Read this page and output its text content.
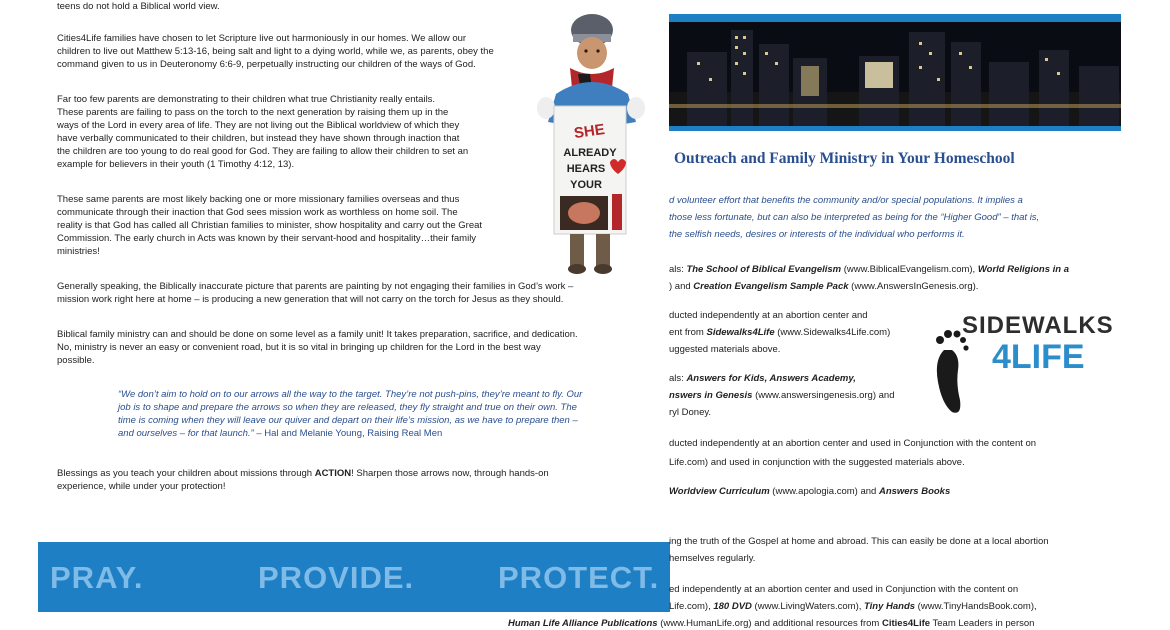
teens do not hold a Biblical world view.
Cities4Life families have chosen to let Scripture live out harmoniously in our homes. We allow our
children to live out Matthew 5:13-16, being salt and light to a dying world, while we, as parents, obey the
command given to us in Deuteronomy 6:6-9, perpetually instructing our children of the ways of God.
Far too few parents are demonstrating to their children what true Christianity really entails.
These parents are failing to pass on the torch to the next generation by raising them up in the
ways of the Lord in every area of life. They are not living out the Biblical worldview of which they
have verbally communicated to their children, but instead they have shown through inaction that
the children are too young to do real good for God. They are failing to allow their children to set an
example for believers in their youth (1 Timothy 4:12, 13).
These same parents are most likely backing one or more missionary families overseas and thus
communicate through their inaction that God sees mission work as worthless on home soil. The
reality is that God has called all Christian families to minister, show hospitality and carry out the Great
Commission. The early church in Acts was known by their servant-hood and hospitality…their family
ministries!
Generally speaking, the Biblically inaccurate picture that parents are painting by not engaging their families in God’s work –
mission work right here at home – is producing a new generation that will not carry on the torch for Jesus as they should.
Biblical family ministry can and should be done on some level as a family unit! It takes preparation, sacrifice, and dedication.
No, ministry is never an easy or convenient road, but it is so vital in bringing up children for the Lord in the best way
possible.
“We don’t aim to hold on to our arrows all the way to the target. They’re not push-pins, they’re meant to fly. Our
job is to shape and prepare the arrows so when they are released, they fly straight and true on their own. The
time is coming when they will leave our quiver and depart on their life’s mission, as we have to prepare then –
and ourselves – for that launch.” – Hal and Melanie Young, Raising Real Men
Blessings as you teach your children about missions through ACTION! Sharpen those arrows now, through hands-on
experience, while under your protection!
SHE
ALREADY
HEARS
YOUR
PRAY.	PROVIDE.	PROTECT.
Outreach and Family Ministry in Your Homeschool
d volunteer effort that benefits the community and/or special populations. It implies a
those less fortunate, but can also be interpreted as being for the “Higher Good” – that is,
the selfish needs, desires or interests of the individual who performs it.
als: The School of Biblical Evangelism (www.BiblicalEvangelism.com), World Religions in a
) and Creation Evangelism Sample Pack (www.AnswersInGenesis.org).
ducted independently at an abortion center and
ent from Sidewalks4Life (www.Sidewalks4Life.com)
uggested materials above.
als: Answers for Kids, Answers Academy,
nswers in Genesis (www.answersingenesis.org) and
ryl Doney.
ducted independently at an abortion center and used in Conjunction with the content on
Life.com) and used in conjunction with the suggested materials above.
Worldview Curriculum (www.apologia.com) and Answers Books
ing the truth of the Gospel at home and abroad. This can easily be done at a local abortion
hemselves regularly.
ed independently at an abortion center and used in Conjunction with the content on
Life.com), 180 DVD (www.LivingWaters.com), Tiny Hands (www.TinyHandsBook.com),
Human Life Alliance Publications (www.HumanLife.org) and additional resources from Cities4Life Team Leaders in person
SIDEWALKS
4LIFE
